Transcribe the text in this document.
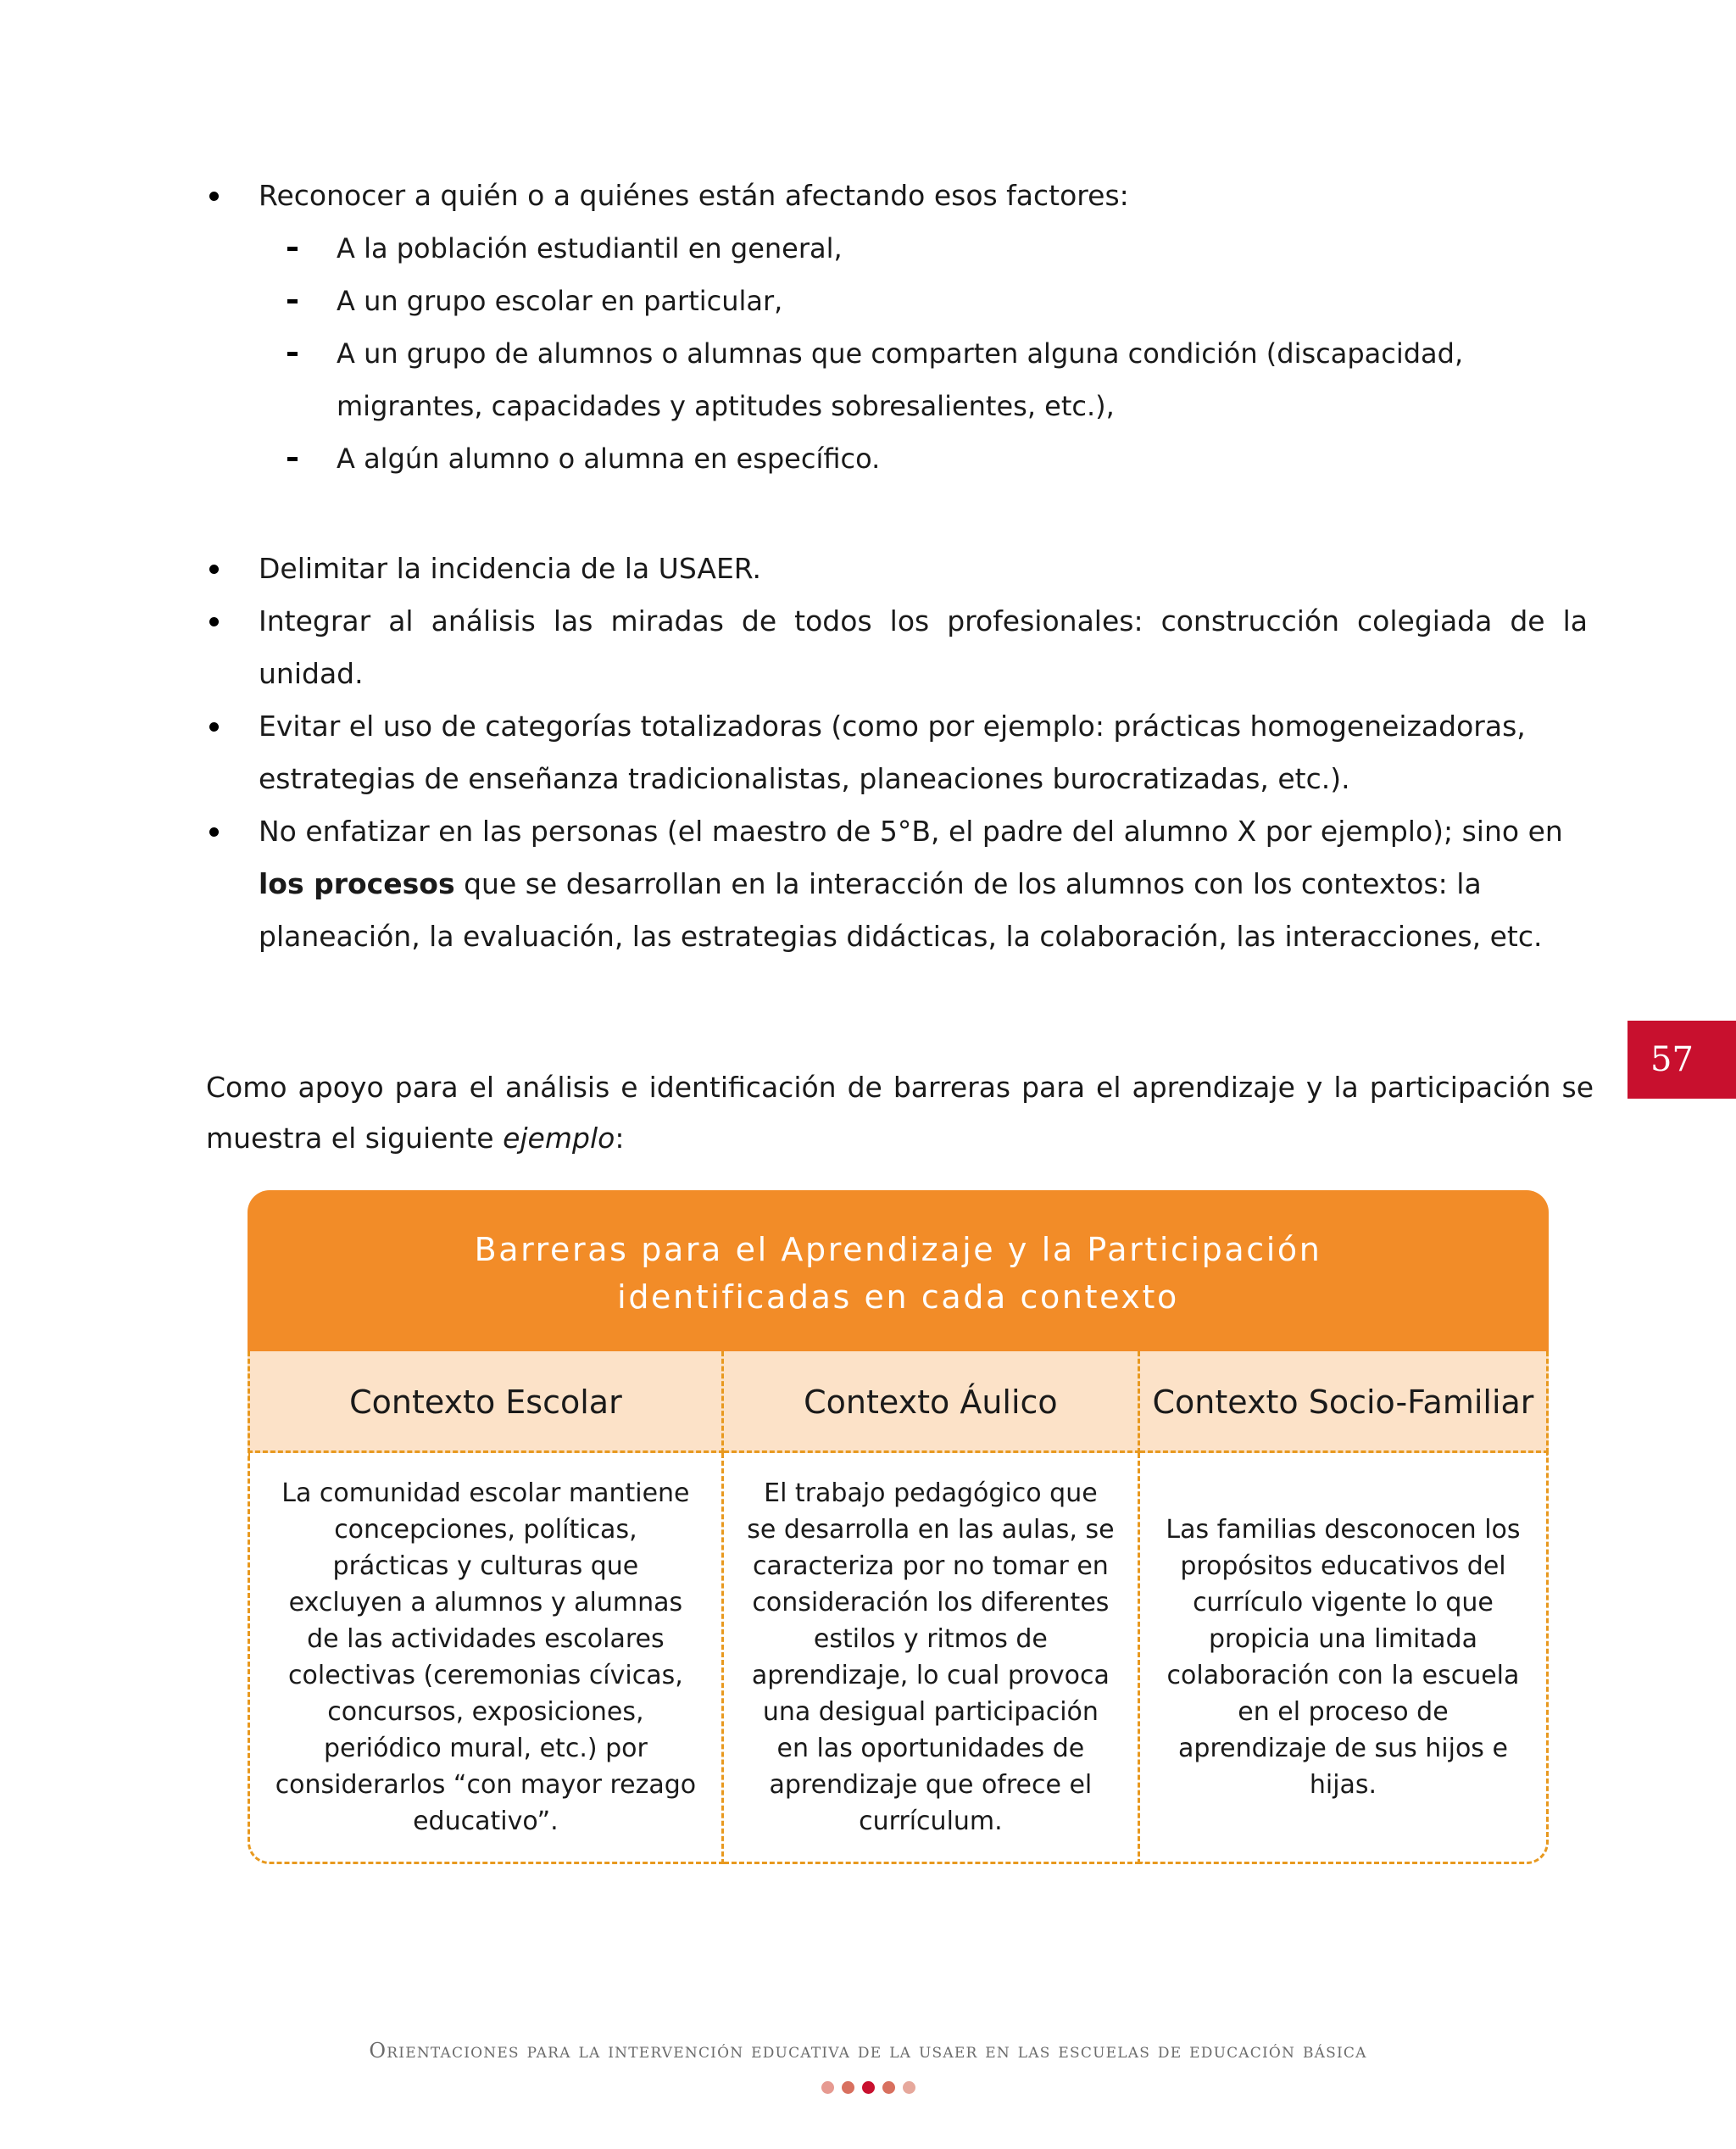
Reconocer a quién o a quiénes están afectando esos factores:
A la población estudiantil en general,
A un grupo escolar en particular,
A un grupo de alumnos o alumnas que comparten alguna condición (discapacidad, migrantes, capacidades y aptitudes sobresalientes, etc.),
A algún alumno o alumna en específico.
Delimitar la incidencia de la USAER.
Integrar al análisis las miradas de todos los profesionales: construcción colegiada de la unidad.
Evitar el uso de categorías totalizadoras (como por ejemplo: prácticas homogeneizadoras, estrategias de enseñanza tradicionalistas, planeaciones burocratizadas, etc.).
No enfatizar en las personas (el maestro de 5°B, el padre del alumno X por ejemplo); sino en los procesos que se desarrollan en la interacción de los alumnos con los contextos: la planeación, la evaluación, las estrategias didácticas, la colaboración, las interacciones, etc.
Como apoyo para el análisis e identificación de barreras para el aprendizaje y la participación se muestra el siguiente ejemplo:
57
Barreras para el Aprendizaje y la Participación
identificadas en cada contexto
Contexto Escolar	Contexto Áulico	Contexto Socio-Familiar

La comunidad escolar mantiene concepciones, políticas, prácticas y culturas que excluyen a alumnos y alumnas de las actividades escolares colectivas (ceremonias cívicas, concursos, exposiciones, periódico mural, etc.) por considerarlos “con mayor rezago educativo”.

El trabajo pedagógico que se desarrolla en las aulas, se caracteriza por no tomar en consideración los diferentes estilos y ritmos de aprendizaje, lo cual provoca una desigual participación en las oportunidades de aprendizaje que ofrece el currículum.

Las familias desconocen los propósitos educativos del currículo vigente lo que propicia una limitada colaboración con la escuela en el proceso de aprendizaje de sus hijos e hijas.

Orientaciones para la intervención educativa de la usaer en las escuelas de educación básica
